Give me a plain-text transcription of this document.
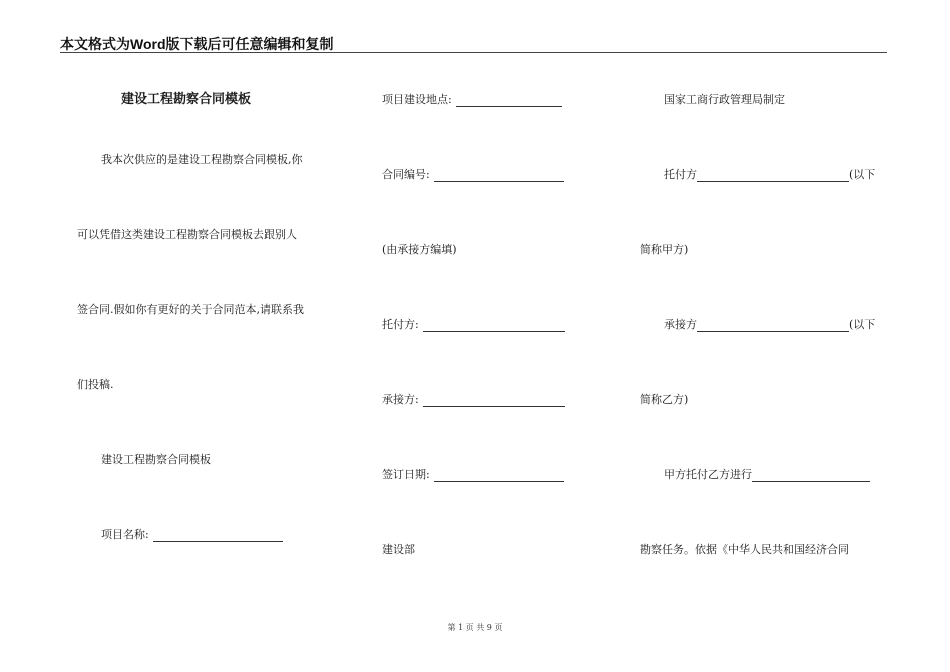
本文格式为Word版下载后可任意编辑和复制
建设工程勘察合同模板
我本次供应的是建设工程勘察合同模板,你
可以凭借这类建设工程勘察合同模板去跟别人
签合同.假如你有更好的关于合同范本,请联系我
们投稿.
建设工程勘察合同模板
项目名称:
项目建设地点:
合同编号:
(由承接方编填)
托付方:
承接方:
签订日期:
建设部
国家工商行政管理局制定
托付方	(以下
简称甲方)
承接方	(以下
简称乙方)
甲方托付乙方进行
勘察任务。依据《中华人民共和国经济合同
第 1 页 共 9 页
